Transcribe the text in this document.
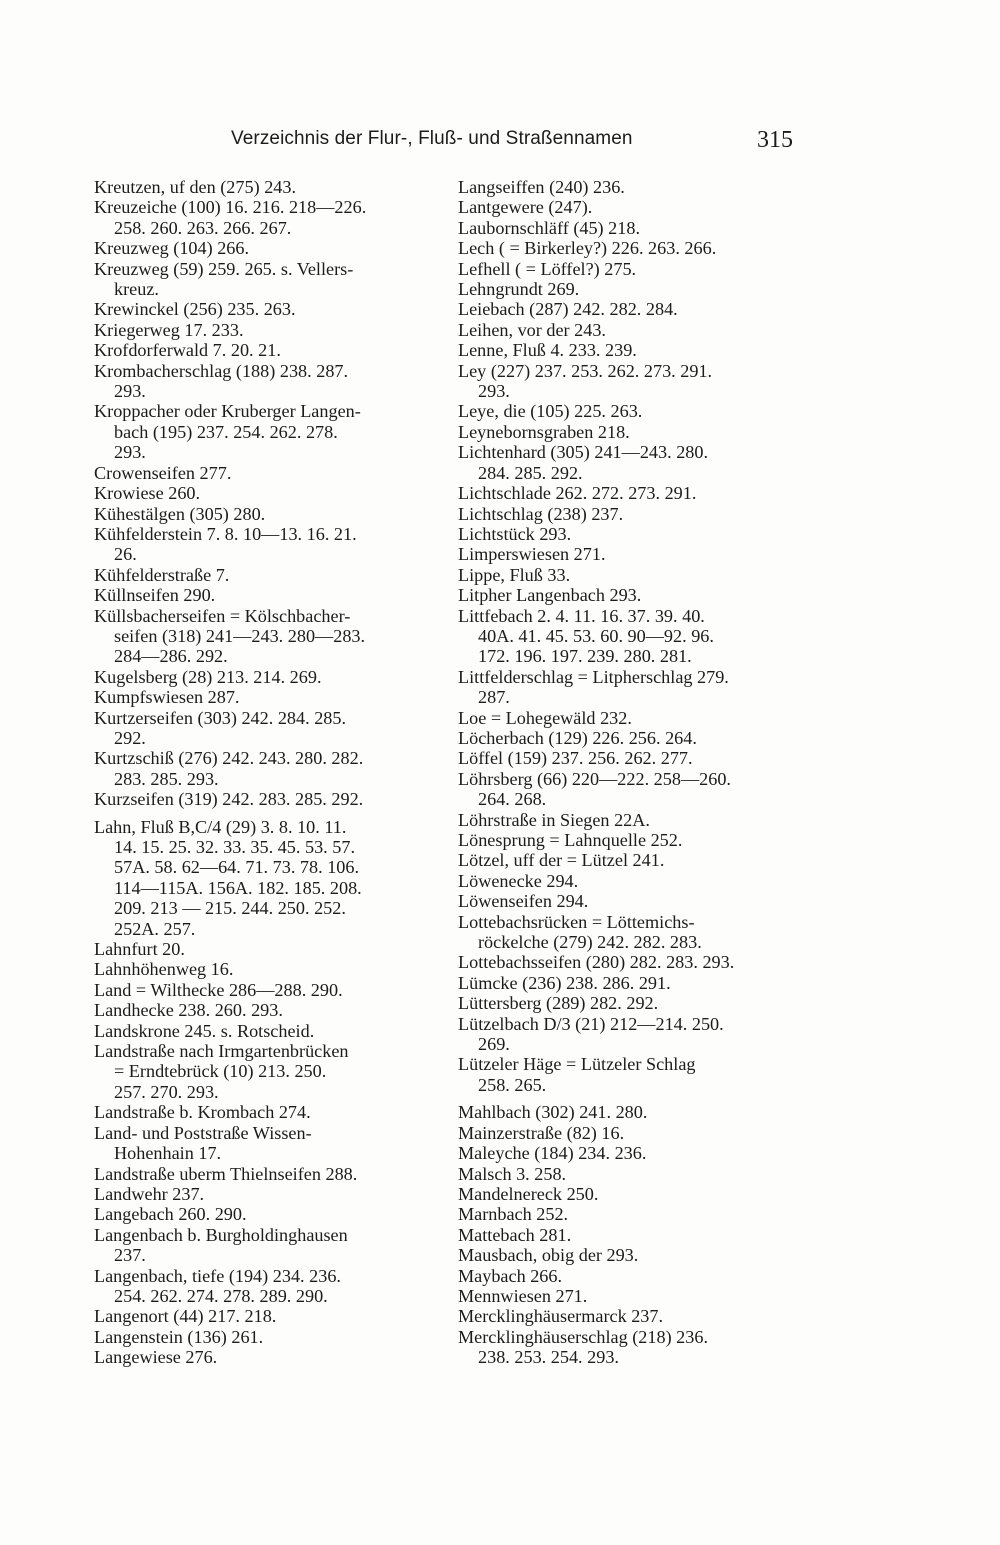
Verzeichnis der Flur-, Fluß- und Straßennamen	315

Kreutzen, uf den (275) 243.

Kreuzeiche (100) 16. 216. 218—226.
258. 260. 263. 266. 267.

Kreuzweg (104) 266.

Kreuzweg (59) 259. 265. s. Vellers-
kreuz.

Krewinckel (256) 235. 263.

Kriegerweg 17. 233.

Krofdorferwald 7. 20. 21.

Krombacherschlag (188) 238. 287.
293.

Kroppacher oder Kruberger Langen-
bach (195) 237. 254. 262. 278.
293.

Crowenseifen 277.

Krowiese 260.

Kühestälgen (305) 280.

Kühfelderstein 7. 8. 10—13. 16. 21.
26.

Kühfelderstraße 7.

Küllnseifen 290.

Küllsbacherseifen = Kölschbacher-
seifen (318) 241—243. 280—283.
284—286. 292.

Kugelsberg (28) 213. 214. 269.

Kumpfswiesen 287.

Kurtzerseifen (303) 242. 284. 285.
292.

Kurtzschiß (276) 242. 243. 280. 282.
283. 285. 293.

Kurzseifen (319) 242. 283. 285. 292.

Lahn, Fluß B,C/4 (29) 3. 8. 10. 11.
14. 15. 25. 32. 33. 35. 45. 53. 57.
57A. 58. 62—64. 71. 73. 78. 106.
114—115A. 156A. 182. 185. 208.
209. 213 — 215. 244. 250. 252.
252A. 257.

Lahnfurt 20.

Lahnhöhenweg 16.

Land = Wilthecke 286—288. 290.

Landhecke 238. 260. 293.

Landskrone 245. s. Rotscheid.

Landstraße nach Irmgartenbrücken
= Erndtebrück (10) 213. 250.
257. 270. 293.

Landstraße b. Krombach 274.

Land- und Poststraße Wissen-
Hohenhain 17.

Landstraße uberm Thielnseifen 288.

Landwehr 237.

Langebach 260. 290.

Langenbach b. Burgholdinghausen
237.

Langenbach, tiefe (194) 234. 236.
254. 262. 274. 278. 289. 290.

Langenort (44) 217. 218.

Langenstein (136) 261.

Langewiese 276.

Langseiffen (240) 236.

Lantgewere (247).

Laubornschläff (45) 218.

Lech ( = Birkerley?) 226. 263. 266.

Lefhell ( = Löffel?) 275.

Lehngrundt 269.

Leiebach (287) 242. 282. 284.

Leihen, vor der 243.

Lenne, Fluß 4. 233. 239.

Ley (227) 237. 253. 262. 273. 291.
293.

Leye, die (105) 225. 263.

Leynebornsgraben 218.

Lichtenhard (305) 241—243. 280.
284. 285. 292.

Lichtschlade 262. 272. 273. 291.

Lichtschlag (238) 237.

Lichtstück 293.

Limperswiesen 271.

Lippe, Fluß 33.

Litpher Langenbach 293.

Littfebach 2. 4. 11. 16. 37. 39. 40.
40A. 41. 45. 53. 60. 90—92. 96.
172. 196. 197. 239. 280. 281.

Littfelderschlag = Litpherschlag 279.
287.

Loe = Lohegewäld 232.

Löcherbach (129) 226. 256. 264.

Löffel (159) 237. 256. 262. 277.

Löhrsberg (66) 220—222. 258—260.
264. 268.

Löhrstraße in Siegen 22A.

Lönesprung = Lahnquelle 252.

Lötzel, uff der = Lützel 241.

Löwenecke 294.

Löwenseifen 294.

Lottebachsrücken = Löttemichs-
röckelche (279) 242. 282. 283.

Lottebachsseifen (280) 282. 283. 293.

Lümcke (236) 238. 286. 291.

Lüttersberg (289) 282. 292.

Lützelbach D/3 (21) 212—214. 250.
269.

Lützeler Häge = Lützeler Schlag
258. 265.

Mahlbach (302) 241. 280.

Mainzerstraße (82) 16.

Maleyche (184) 234. 236.

Malsch 3. 258.

Mandelnereck 250.

Marnbach 252.

Mattebach 281.

Mausbach, obig der 293.

Maybach 266.

Mennwiesen 271.

Mercklinghäusermarck 237.

Mercklinghäuserschlag (218) 236.
238. 253. 254. 293.
